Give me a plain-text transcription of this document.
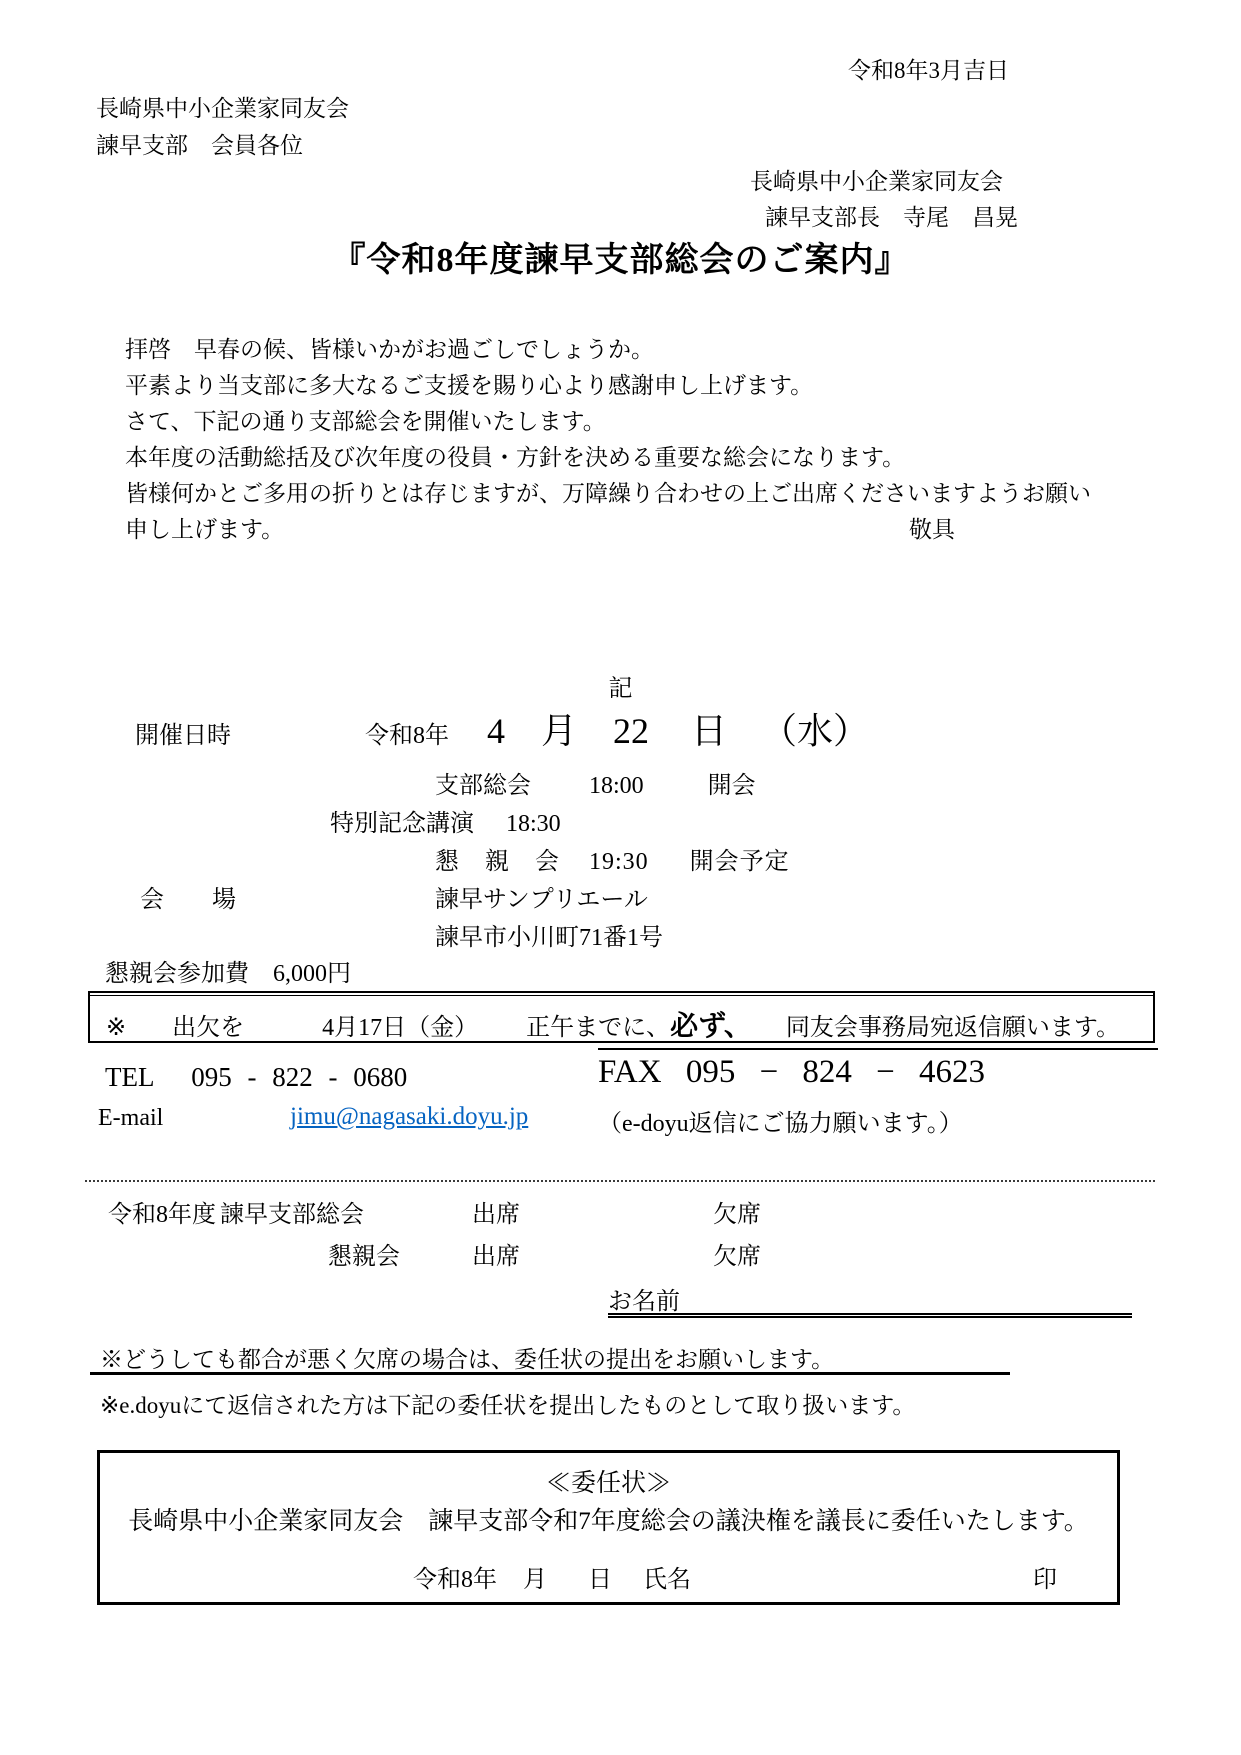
令和8年3月吉日
長崎県中小企業家同友会
諫早支部　会員各位
長崎県中小企業家同友会
諫早支部長　寺尾　昌晃
『令和8年度諫早支部総会のご案内』
拝啓　早春の候、皆様いかがお過ごしでしょうか。
平素より当支部に多大なるご支援を賜り心より感謝申し上げます。
さて、下記の通り支部総会を開催いたします。
本年度の活動総括及び次年度の役員・方針を決める重要な総会になります。
皆様何かとご多用の折りとは存じますが、万障繰り合わせの上ご出席くださいますようお願い
申し上げます。	敬具
記
開催日時	令和8年 4 月 22 日 （水）
支部総会 18:00	開会
特別記念講演 18:30
懇　親　会 19:30 開会予定
会　　場	諫早サンプリエール
諫早市小川町71番1号
懇親会参加費　6,000円
※ 出欠を	4月17日（金） 正午までに、 必ず、 同友会事務局宛返信願います。
TEL 095 - 822 - 0680	FAX 095 − 824 − 4623
E-mail	jimu@nagasaki.doyu.jp	（e-doyu返信にご協力願います。）
令和8年度 諫早支部総会	出席	欠席
懇親会	出席	欠席
お名前
※どうしても都合が悪く欠席の場合は、委任状の提出をお願いします。
※e.doyuにて返信された方は下記の委任状を提出したものとして取り扱います。
≪委任状≫
長崎県中小企業家同友会　諫早支部令和7年度総会の議決権を議長に委任いたします。
令和8年 月 日 氏名	印
